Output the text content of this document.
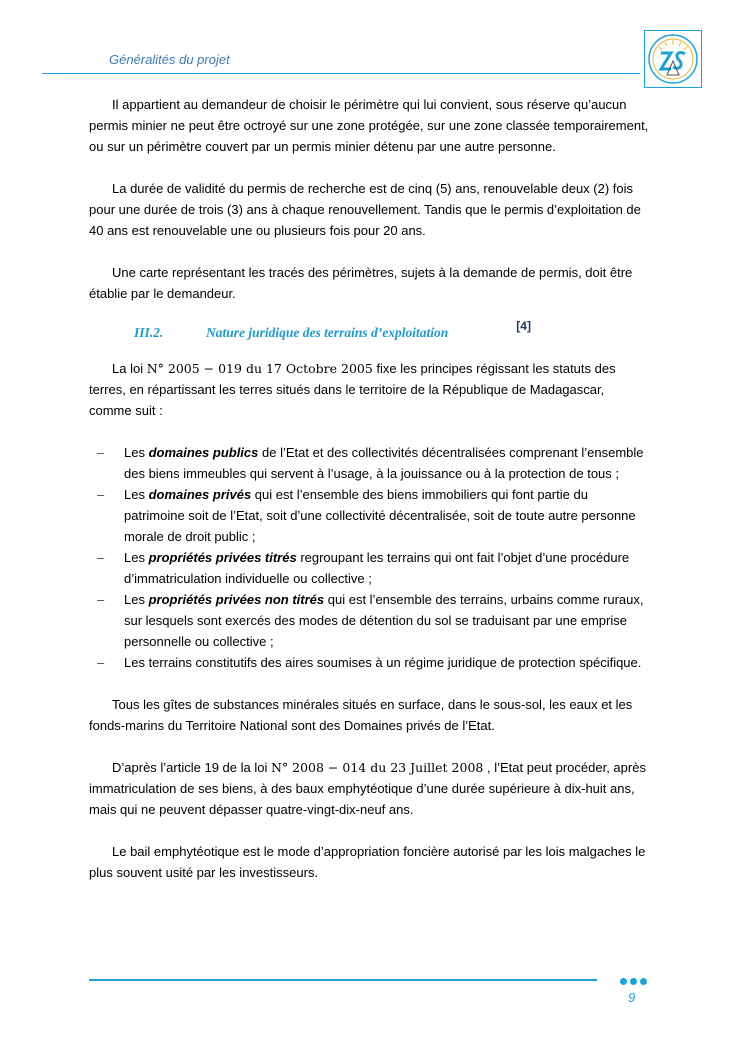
Généralités du projet

Il appartient au demandeur de choisir le périmètre qui lui convient, sous réserve qu’aucun permis minier ne peut être octroyé sur une zone protégée, sur une zone classée temporairement, ou sur un périmètre couvert par un permis minier détenu par une autre personne.

La durée de validité du permis de recherche est de cinq (5) ans, renouvelable deux (2) fois pour une durée de trois (3) ans à chaque renouvellement. Tandis que le permis d’exploitation de 40 ans est renouvelable une ou plusieurs fois pour 20 ans.

Une carte représentant les tracés des périmètres, sujets à la demande de permis, doit être établie par le demandeur.

III.2.	Nature juridique des terrains d’exploitation	[4]

La loi N° 2005 − 019 du 17 Octobre 2005 fixe les principes régissant les statuts des terres, en répartissant les terres situés dans le territoire de la République de Madagascar, comme suit :

– Les domaines publics de l’Etat et des collectivités décentralisées comprenant l’ensemble des biens immeubles qui servent à l’usage, à la jouissance ou à la protection de tous ;
– Les domaines privés qui est l’ensemble des biens immobiliers qui font partie du patrimoine soit de l’Etat, soit d’une collectivité décentralisée, soit de toute autre personne morale de droit public ;
– Les propriétés privées titrés regroupant les terrains qui ont fait l’objet d’une procédure d’immatriculation individuelle ou collective ;
– Les propriétés privées non titrés qui est l’ensemble des terrains, urbains comme ruraux, sur lesquels sont exercés des modes de détention du sol se traduisant par une emprise personnelle ou collective ;
– Les terrains constitutifs des aires soumises à un régime juridique de protection spécifique.

Tous les gîtes de substances minérales situés en surface, dans le sous-sol, les eaux et les fonds-marins du Territoire National sont des Domaines privés de l’Etat.

D’après l’article 19 de la loi N° 2008 − 014 du 23 Juillet 2008 , l’Etat peut procéder, après immatriculation de ses biens, à des baux emphytéotique d’une durée supérieure à dix-huit ans, mais qui ne peuvent dépasser quatre-vingt-dix-neuf ans.

Le bail emphytéotique est le mode d’appropriation foncière autorisé par les lois malgaches le plus souvent usité par les investisseurs.

9
